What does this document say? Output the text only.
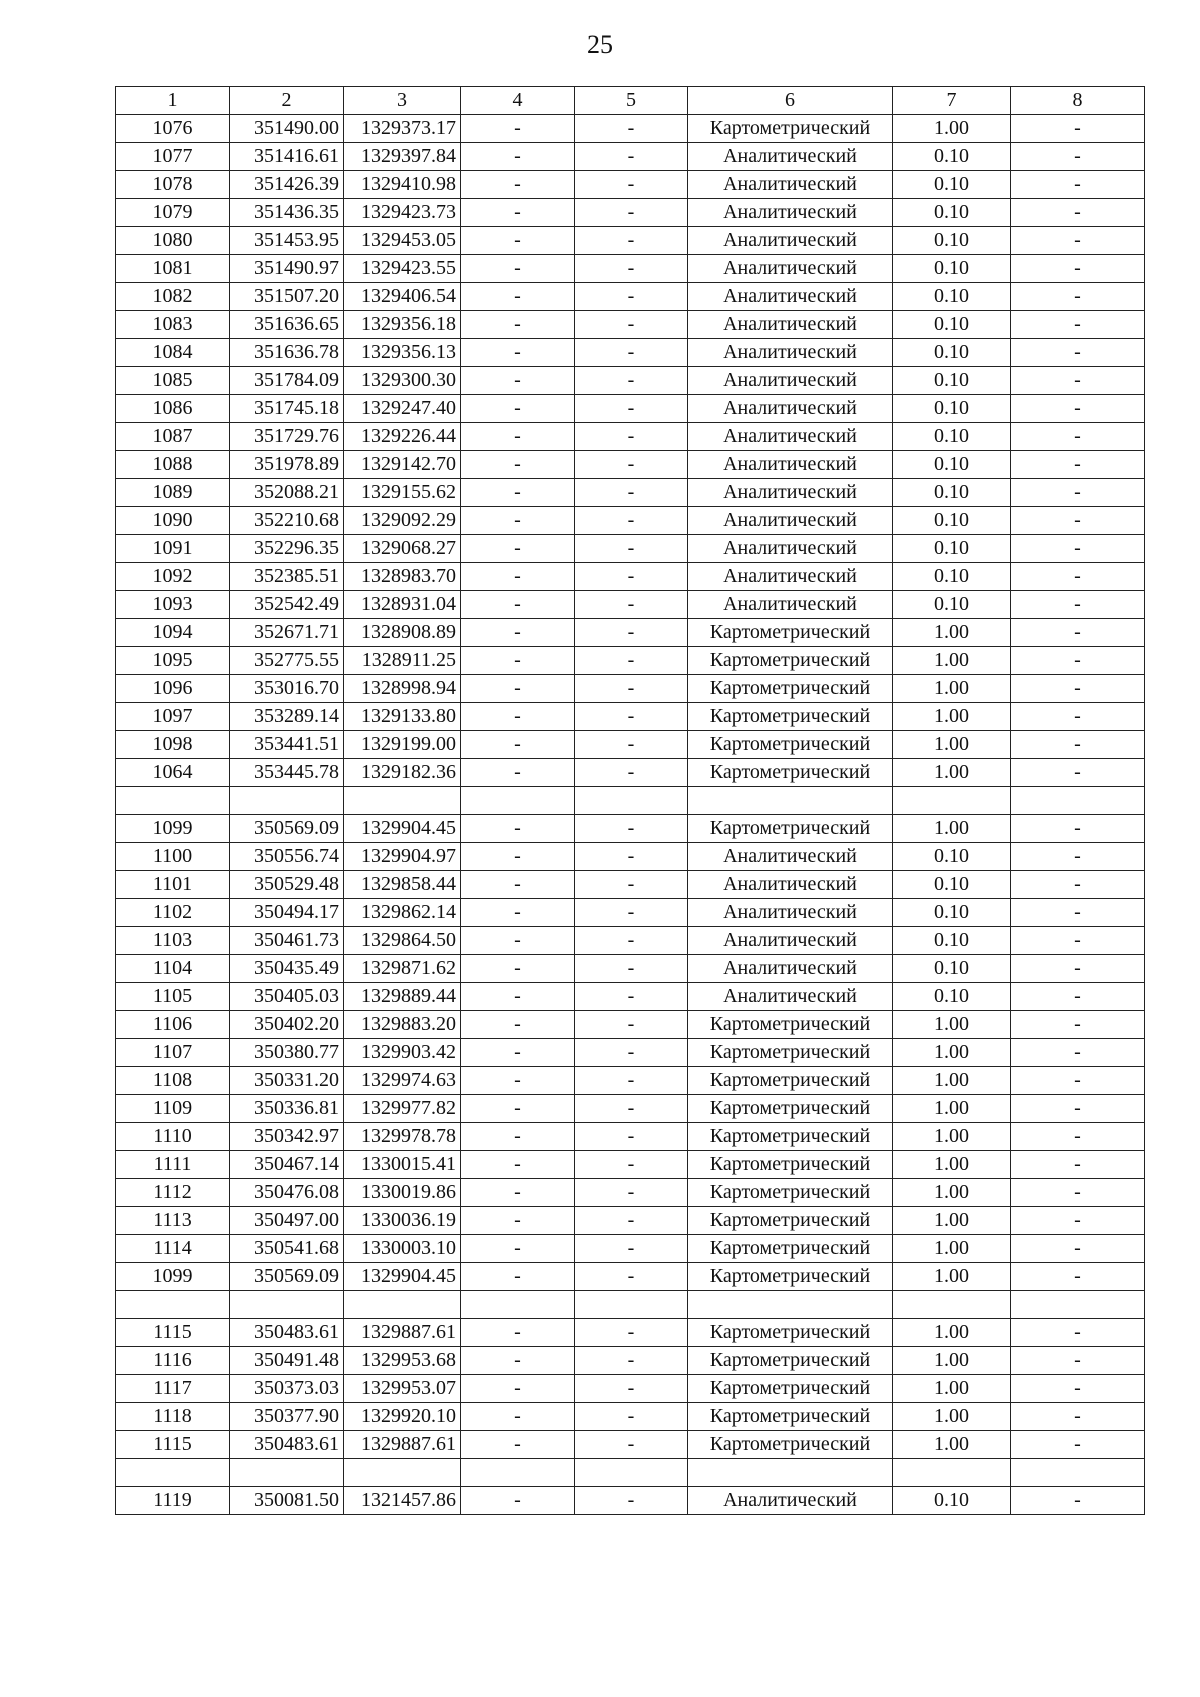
25
1	2	3	4	5	6	7	8
1076	351490.00	1329373.17	-	-	Картометрический	1.00	-
1077	351416.61	1329397.84	-	-	Аналитический	0.10	-
1078	351426.39	1329410.98	-	-	Аналитический	0.10	-
1079	351436.35	1329423.73	-	-	Аналитический	0.10	-
1080	351453.95	1329453.05	-	-	Аналитический	0.10	-
1081	351490.97	1329423.55	-	-	Аналитический	0.10	-
1082	351507.20	1329406.54	-	-	Аналитический	0.10	-
1083	351636.65	1329356.18	-	-	Аналитический	0.10	-
1084	351636.78	1329356.13	-	-	Аналитический	0.10	-
1085	351784.09	1329300.30	-	-	Аналитический	0.10	-
1086	351745.18	1329247.40	-	-	Аналитический	0.10	-
1087	351729.76	1329226.44	-	-	Аналитический	0.10	-
1088	351978.89	1329142.70	-	-	Аналитический	0.10	-
1089	352088.21	1329155.62	-	-	Аналитический	0.10	-
1090	352210.68	1329092.29	-	-	Аналитический	0.10	-
1091	352296.35	1329068.27	-	-	Аналитический	0.10	-
1092	352385.51	1328983.70	-	-	Аналитический	0.10	-
1093	352542.49	1328931.04	-	-	Аналитический	0.10	-
1094	352671.71	1328908.89	-	-	Картометрический	1.00	-
1095	352775.55	1328911.25	-	-	Картометрический	1.00	-
1096	353016.70	1328998.94	-	-	Картометрический	1.00	-
1097	353289.14	1329133.80	-	-	Картометрический	1.00	-
1098	353441.51	1329199.00	-	-	Картометрический	1.00	-
1064	353445.78	1329182.36	-	-	Картометрический	1.00	-

1099	350569.09	1329904.45	-	-	Картометрический	1.00	-
1100	350556.74	1329904.97	-	-	Аналитический	0.10	-
1101	350529.48	1329858.44	-	-	Аналитический	0.10	-
1102	350494.17	1329862.14	-	-	Аналитический	0.10	-
1103	350461.73	1329864.50	-	-	Аналитический	0.10	-
1104	350435.49	1329871.62	-	-	Аналитический	0.10	-
1105	350405.03	1329889.44	-	-	Аналитический	0.10	-
1106	350402.20	1329883.20	-	-	Картометрический	1.00	-
1107	350380.77	1329903.42	-	-	Картометрический	1.00	-
1108	350331.20	1329974.63	-	-	Картометрический	1.00	-
1109	350336.81	1329977.82	-	-	Картометрический	1.00	-
1110	350342.97	1329978.78	-	-	Картометрический	1.00	-
1111	350467.14	1330015.41	-	-	Картометрический	1.00	-
1112	350476.08	1330019.86	-	-	Картометрический	1.00	-
1113	350497.00	1330036.19	-	-	Картометрический	1.00	-
1114	350541.68	1330003.10	-	-	Картометрический	1.00	-
1099	350569.09	1329904.45	-	-	Картометрический	1.00	-

1115	350483.61	1329887.61	-	-	Картометрический	1.00	-
1116	350491.48	1329953.68	-	-	Картометрический	1.00	-
1117	350373.03	1329953.07	-	-	Картометрический	1.00	-
1118	350377.90	1329920.10	-	-	Картометрический	1.00	-
1115	350483.61	1329887.61	-	-	Картометрический	1.00	-

1119	350081.50	1321457.86	-	-	Аналитический	0.10	-
